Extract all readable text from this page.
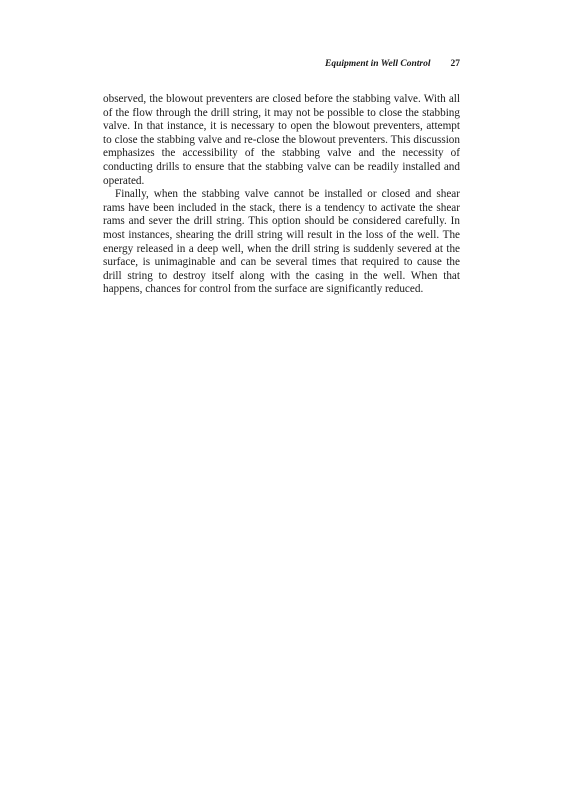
Equipment in Well Control 27

observed, the blowout preventers are closed before the stabbing valve. With all of the flow through the drill string, it may not be possible to close the stabbing valve. In that instance, it is necessary to open the blowout preventers, attempt to close the stabbing valve and re-close the blowout preventers. This discussion emphasizes the accessibility of the stabbing valve and the necessity of conducting drills to ensure that the stabbing valve can be readily installed and operated.

Finally, when the stabbing valve cannot be installed or closed and shear rams have been included in the stack, there is a tendency to activate the shear rams and sever the drill string. This option should be considered carefully. In most instances, shearing the drill string will result in the loss of the well. The energy released in a deep well, when the drill string is suddenly severed at the surface, is unimaginable and can be several times that required to cause the drill string to destroy itself along with the casing in the well. When that happens, chances for control from the surface are significantly reduced.
